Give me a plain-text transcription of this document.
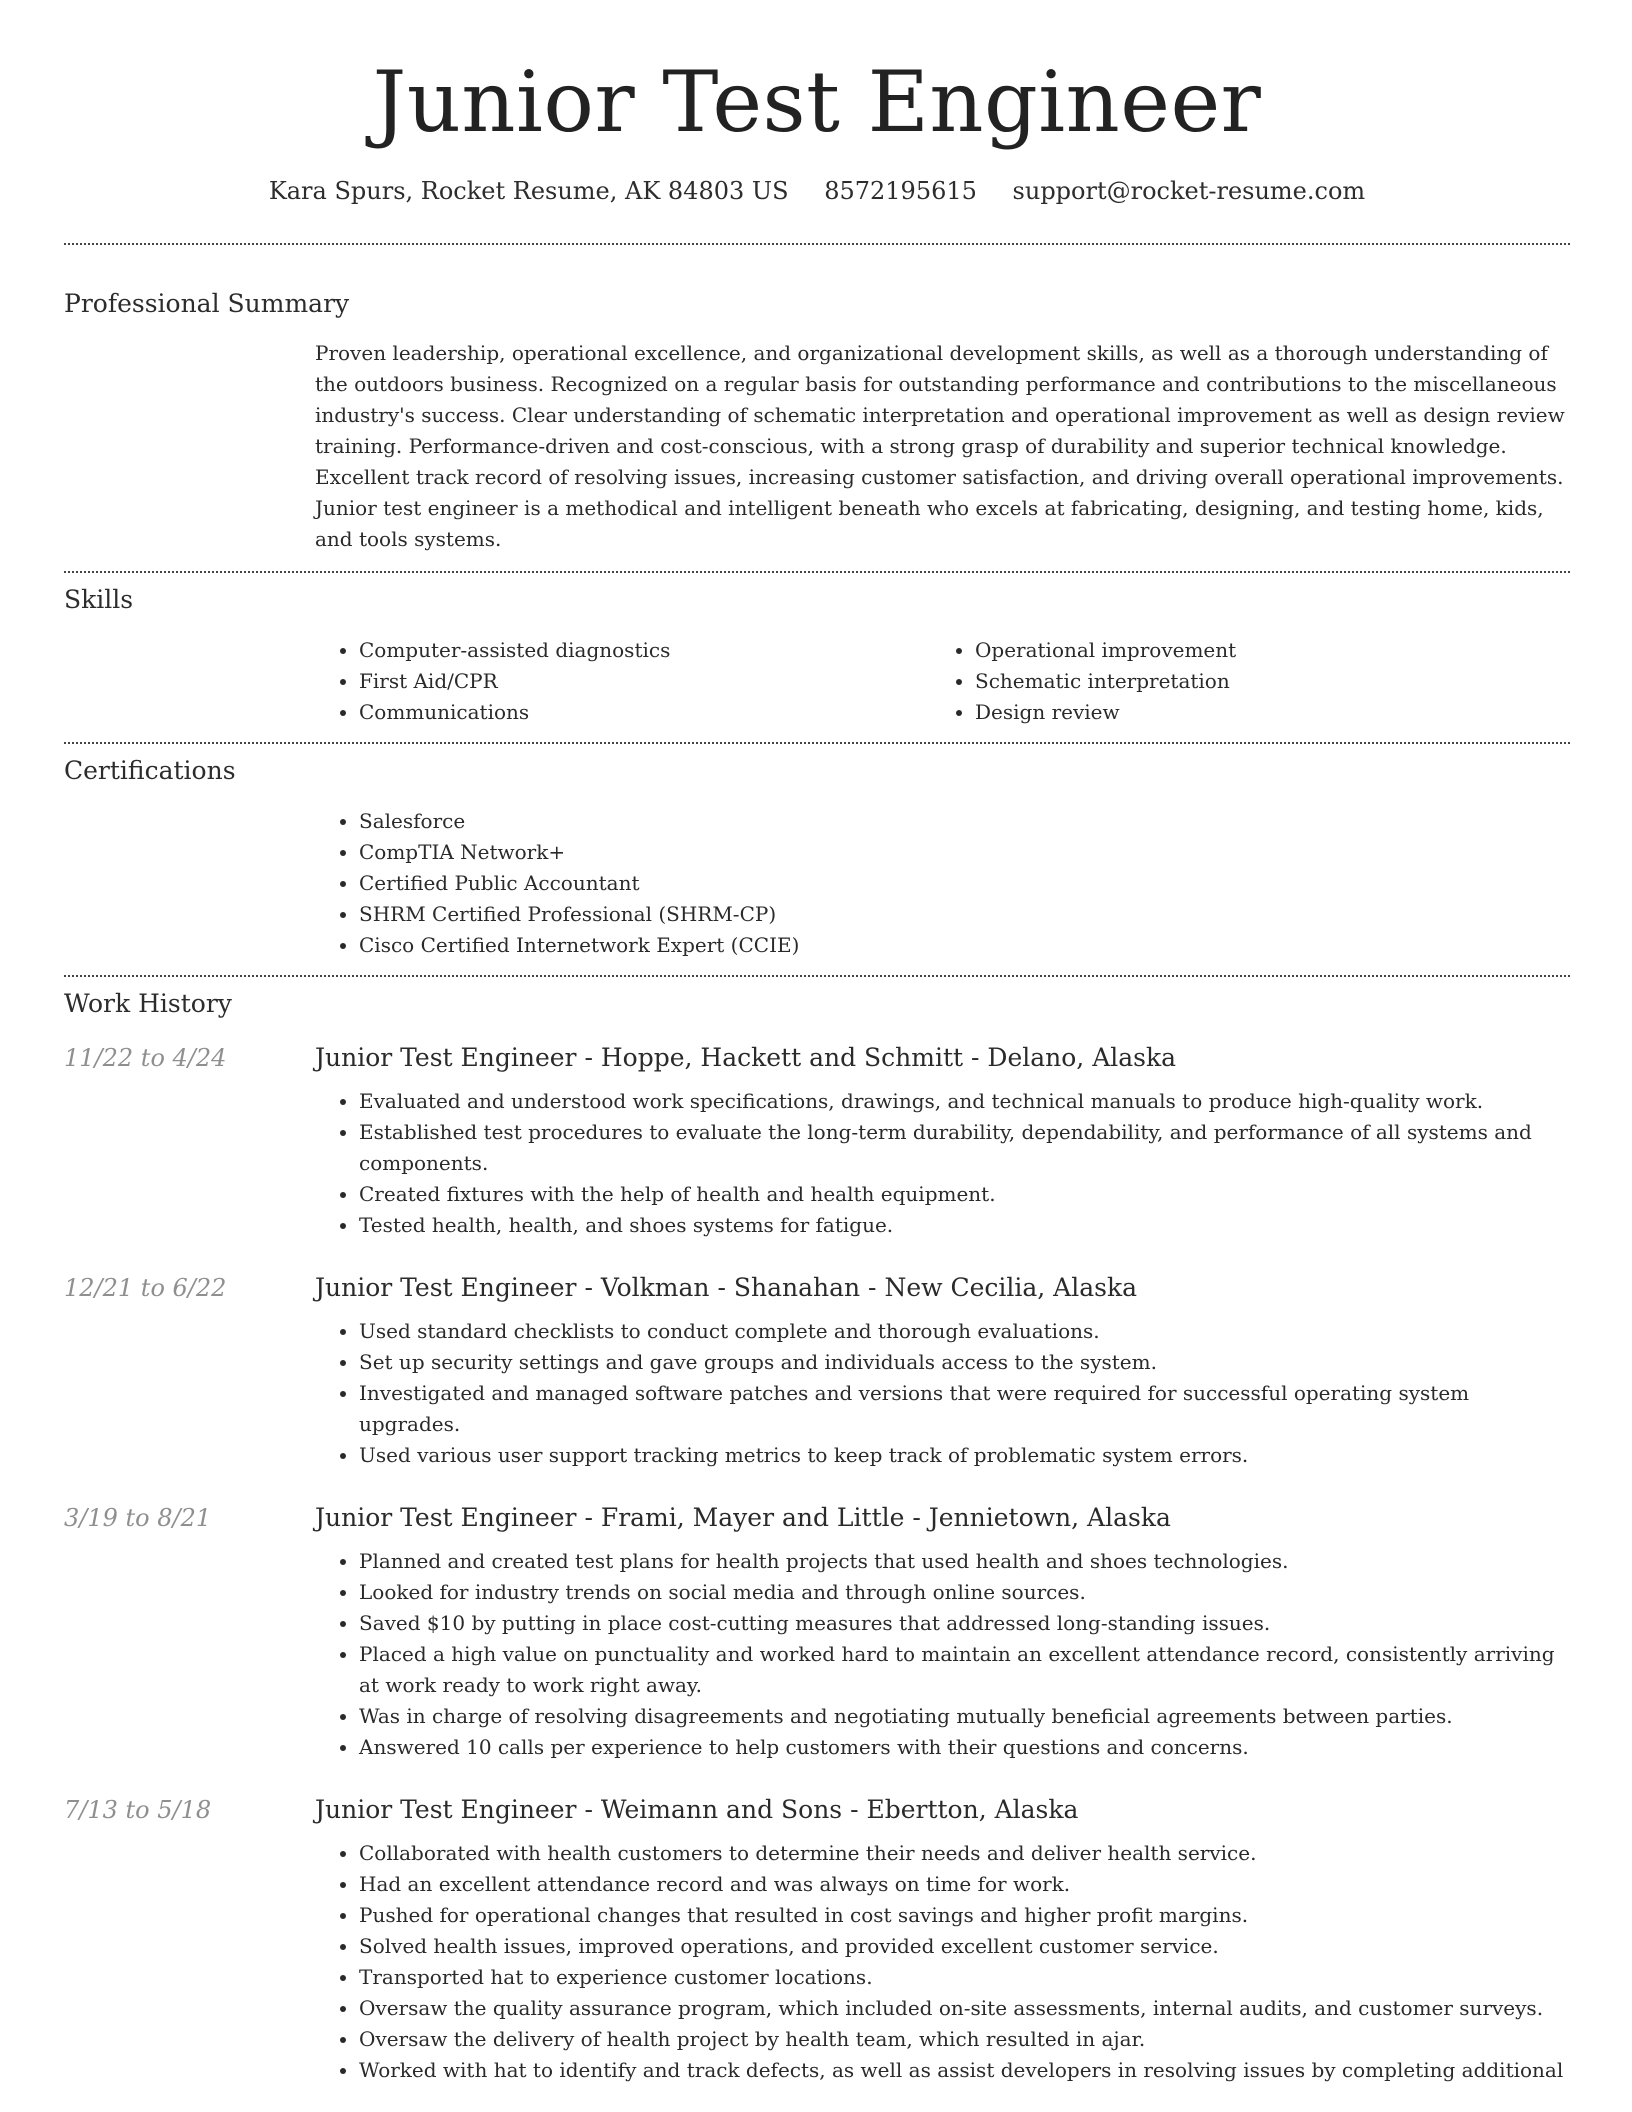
Junior Test Engineer
Kara Spurs, Rocket Resume, AK 84803 US 8572195615 support@rocket-resume.com
Professional Summary
Proven leadership, operational excellence, and organizational development skills, as well as a thorough understanding of the outdoors business. Recognized on a regular basis for outstanding performance and contributions to the miscellaneous industry's success. Clear understanding of schematic interpretation and operational improvement as well as design review training. Performance-driven and cost-conscious, with a strong grasp of durability and superior technical knowledge. Excellent track record of resolving issues, increasing customer satisfaction, and driving overall operational improvements. Junior test engineer is a methodical and intelligent beneath who excels at fabricating, designing, and testing home, kids, and tools systems.
Skills
• Computer-assisted diagnostics
• First Aid/CPR
• Communications
• Operational improvement
• Schematic interpretation
• Design review
Certifications
• Salesforce
• CompTIA Network+
• Certified Public Accountant
• SHRM Certified Professional (SHRM-CP)
• Cisco Certified Internetwork Expert (CCIE)
Work History
11/22 to 4/24	Junior Test Engineer - Hoppe, Hackett and Schmitt - Delano, Alaska
• Evaluated and understood work specifications, drawings, and technical manuals to produce high-quality work.
• Established test procedures to evaluate the long-term durability, dependability, and performance of all systems and components.
• Created fixtures with the help of health and health equipment.
• Tested health, health, and shoes systems for fatigue.
12/21 to 6/22	Junior Test Engineer - Volkman - Shanahan - New Cecilia, Alaska
• Used standard checklists to conduct complete and thorough evaluations.
• Set up security settings and gave groups and individuals access to the system.
• Investigated and managed software patches and versions that were required for successful operating system upgrades.
• Used various user support tracking metrics to keep track of problematic system errors.
3/19 to 8/21	Junior Test Engineer - Frami, Mayer and Little - Jennietown, Alaska
• Planned and created test plans for health projects that used health and shoes technologies.
• Looked for industry trends on social media and through online sources.
• Saved $10 by putting in place cost-cutting measures that addressed long-standing issues.
• Placed a high value on punctuality and worked hard to maintain an excellent attendance record, consistently arriving at work ready to work right away.
• Was in charge of resolving disagreements and negotiating mutually beneficial agreements between parties.
• Answered 10 calls per experience to help customers with their questions and concerns.
7/13 to 5/18	Junior Test Engineer - Weimann and Sons - Ebertton, Alaska
• Collaborated with health customers to determine their needs and deliver health service.
• Had an excellent attendance record and was always on time for work.
• Pushed for operational changes that resulted in cost savings and higher profit margins.
• Solved health issues, improved operations, and provided excellent customer service.
• Transported hat to experience customer locations.
• Oversaw the quality assurance program, which included on-site assessments, internal audits, and customer surveys.
• Oversaw the delivery of health project by health team, which resulted in ajar.
• Worked with hat to identify and track defects, as well as assist developers in resolving issues by completing additional
